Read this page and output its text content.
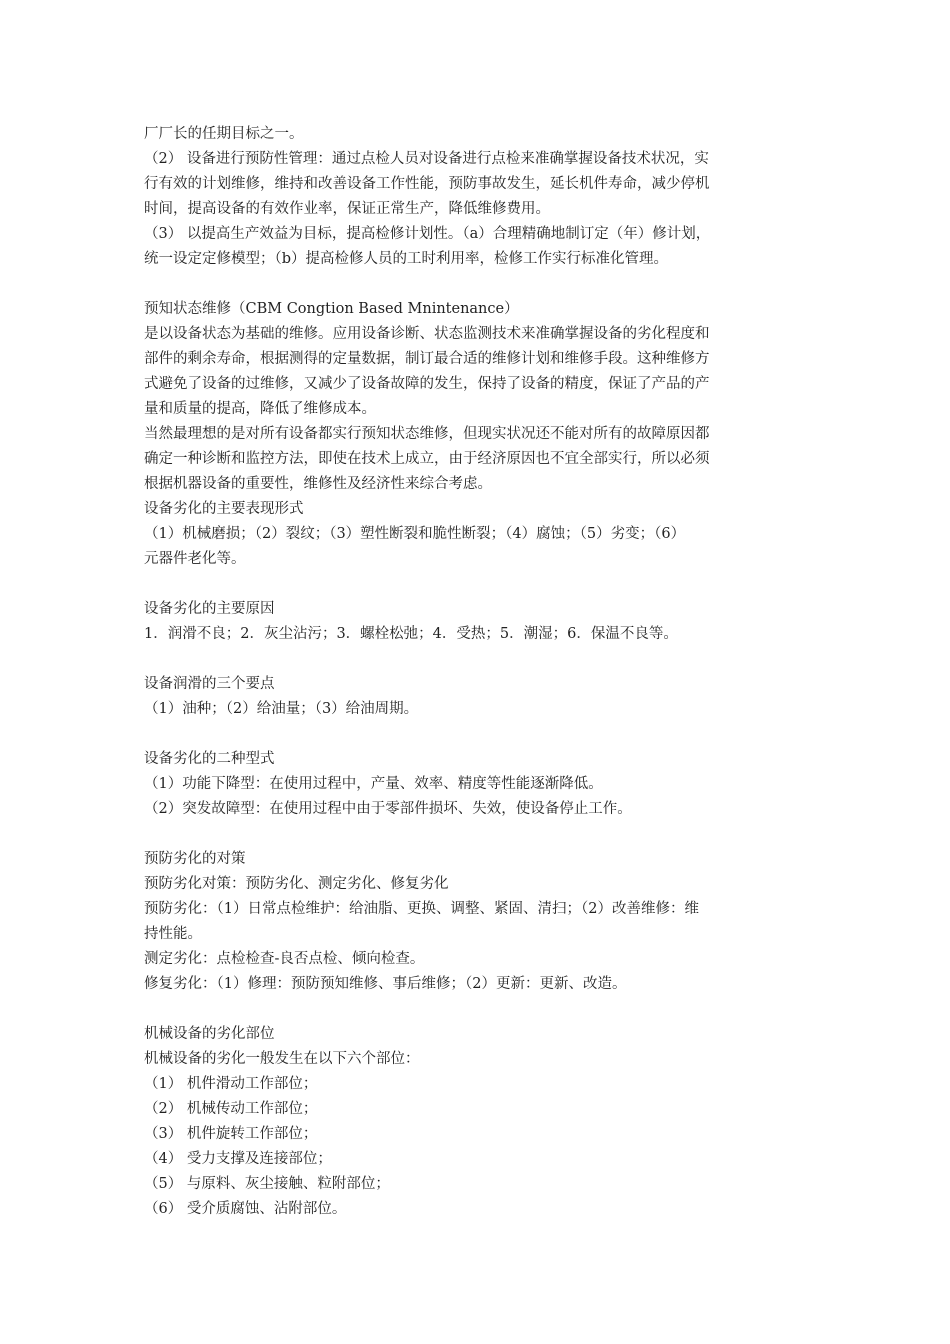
厂厂长的任期目标之一。
（2） 设备进行预防性管理：通过点检人员对设备进行点检来准确掌握设备技术状况，实
行有效的计划维修，维持和改善设备工作性能，预防事故发生，延长机件寿命，减少停机
时间，提高设备的有效作业率，保证正常生产，降低维修费用。
（3） 以提高生产效益为目标，提高检修计划性。（a）合理精确地制订定（年）修计划，
统一设定定修模型；（b）提高检修人员的工时利用率，检修工作实行标准化管理。
预知状态维修（CBM Congtion Based Mnintenance）
是以设备状态为基础的维修。应用设备诊断、状态监测技术来准确掌握设备的劣化程度和
部件的剩余寿命，根据测得的定量数据，制订最合适的维修计划和维修手段。这种维修方
式避免了设备的过维修，又减少了设备故障的发生，保持了设备的精度，保证了产品的产
量和质量的提高，降低了维修成本。
当然最理想的是对所有设备都实行预知状态维修，但现实状况还不能对所有的故障原因都
确定一种诊断和监控方法，即使在技术上成立，由于经济原因也不宜全部实行，所以必须
根据机器设备的重要性，维修性及经济性来综合考虑。
设备劣化的主要表现形式
（1）机械磨损；（2）裂纹；（3）塑性断裂和脆性断裂；（4）腐蚀；（5）劣变；（6）
元器件老化等。
设备劣化的主要原因
1．润滑不良；2．灰尘沾污；3．螺栓松弛；4．受热；5．潮湿；6．保温不良等。
设备润滑的三个要点
（1）油种；（2）给油量；（3）给油周期。
设备劣化的二种型式
（1）功能下降型：在使用过程中，产量、效率、精度等性能逐渐降低。
（2）突发故障型：在使用过程中由于零部件损坏、失效，使设备停止工作。
预防劣化的对策
预防劣化对策：预防劣化、测定劣化、修复劣化
预防劣化：（1）日常点检维护：给油脂、更换、调整、紧固、清扫；（2）改善维修：维
持性能。
测定劣化：点检检查-良否点检、倾向检查。
修复劣化：（1）修理：预防预知维修、事后维修；（2）更新：更新、改造。
机械设备的劣化部位
机械设备的劣化一般发生在以下六个部位：
（1） 机件滑动工作部位；
（2） 机械传动工作部位；
（3） 机件旋转工作部位；
（4） 受力支撑及连接部位；
（5） 与原料、灰尘接触、粒附部位；
（6） 受介质腐蚀、沾附部位。
